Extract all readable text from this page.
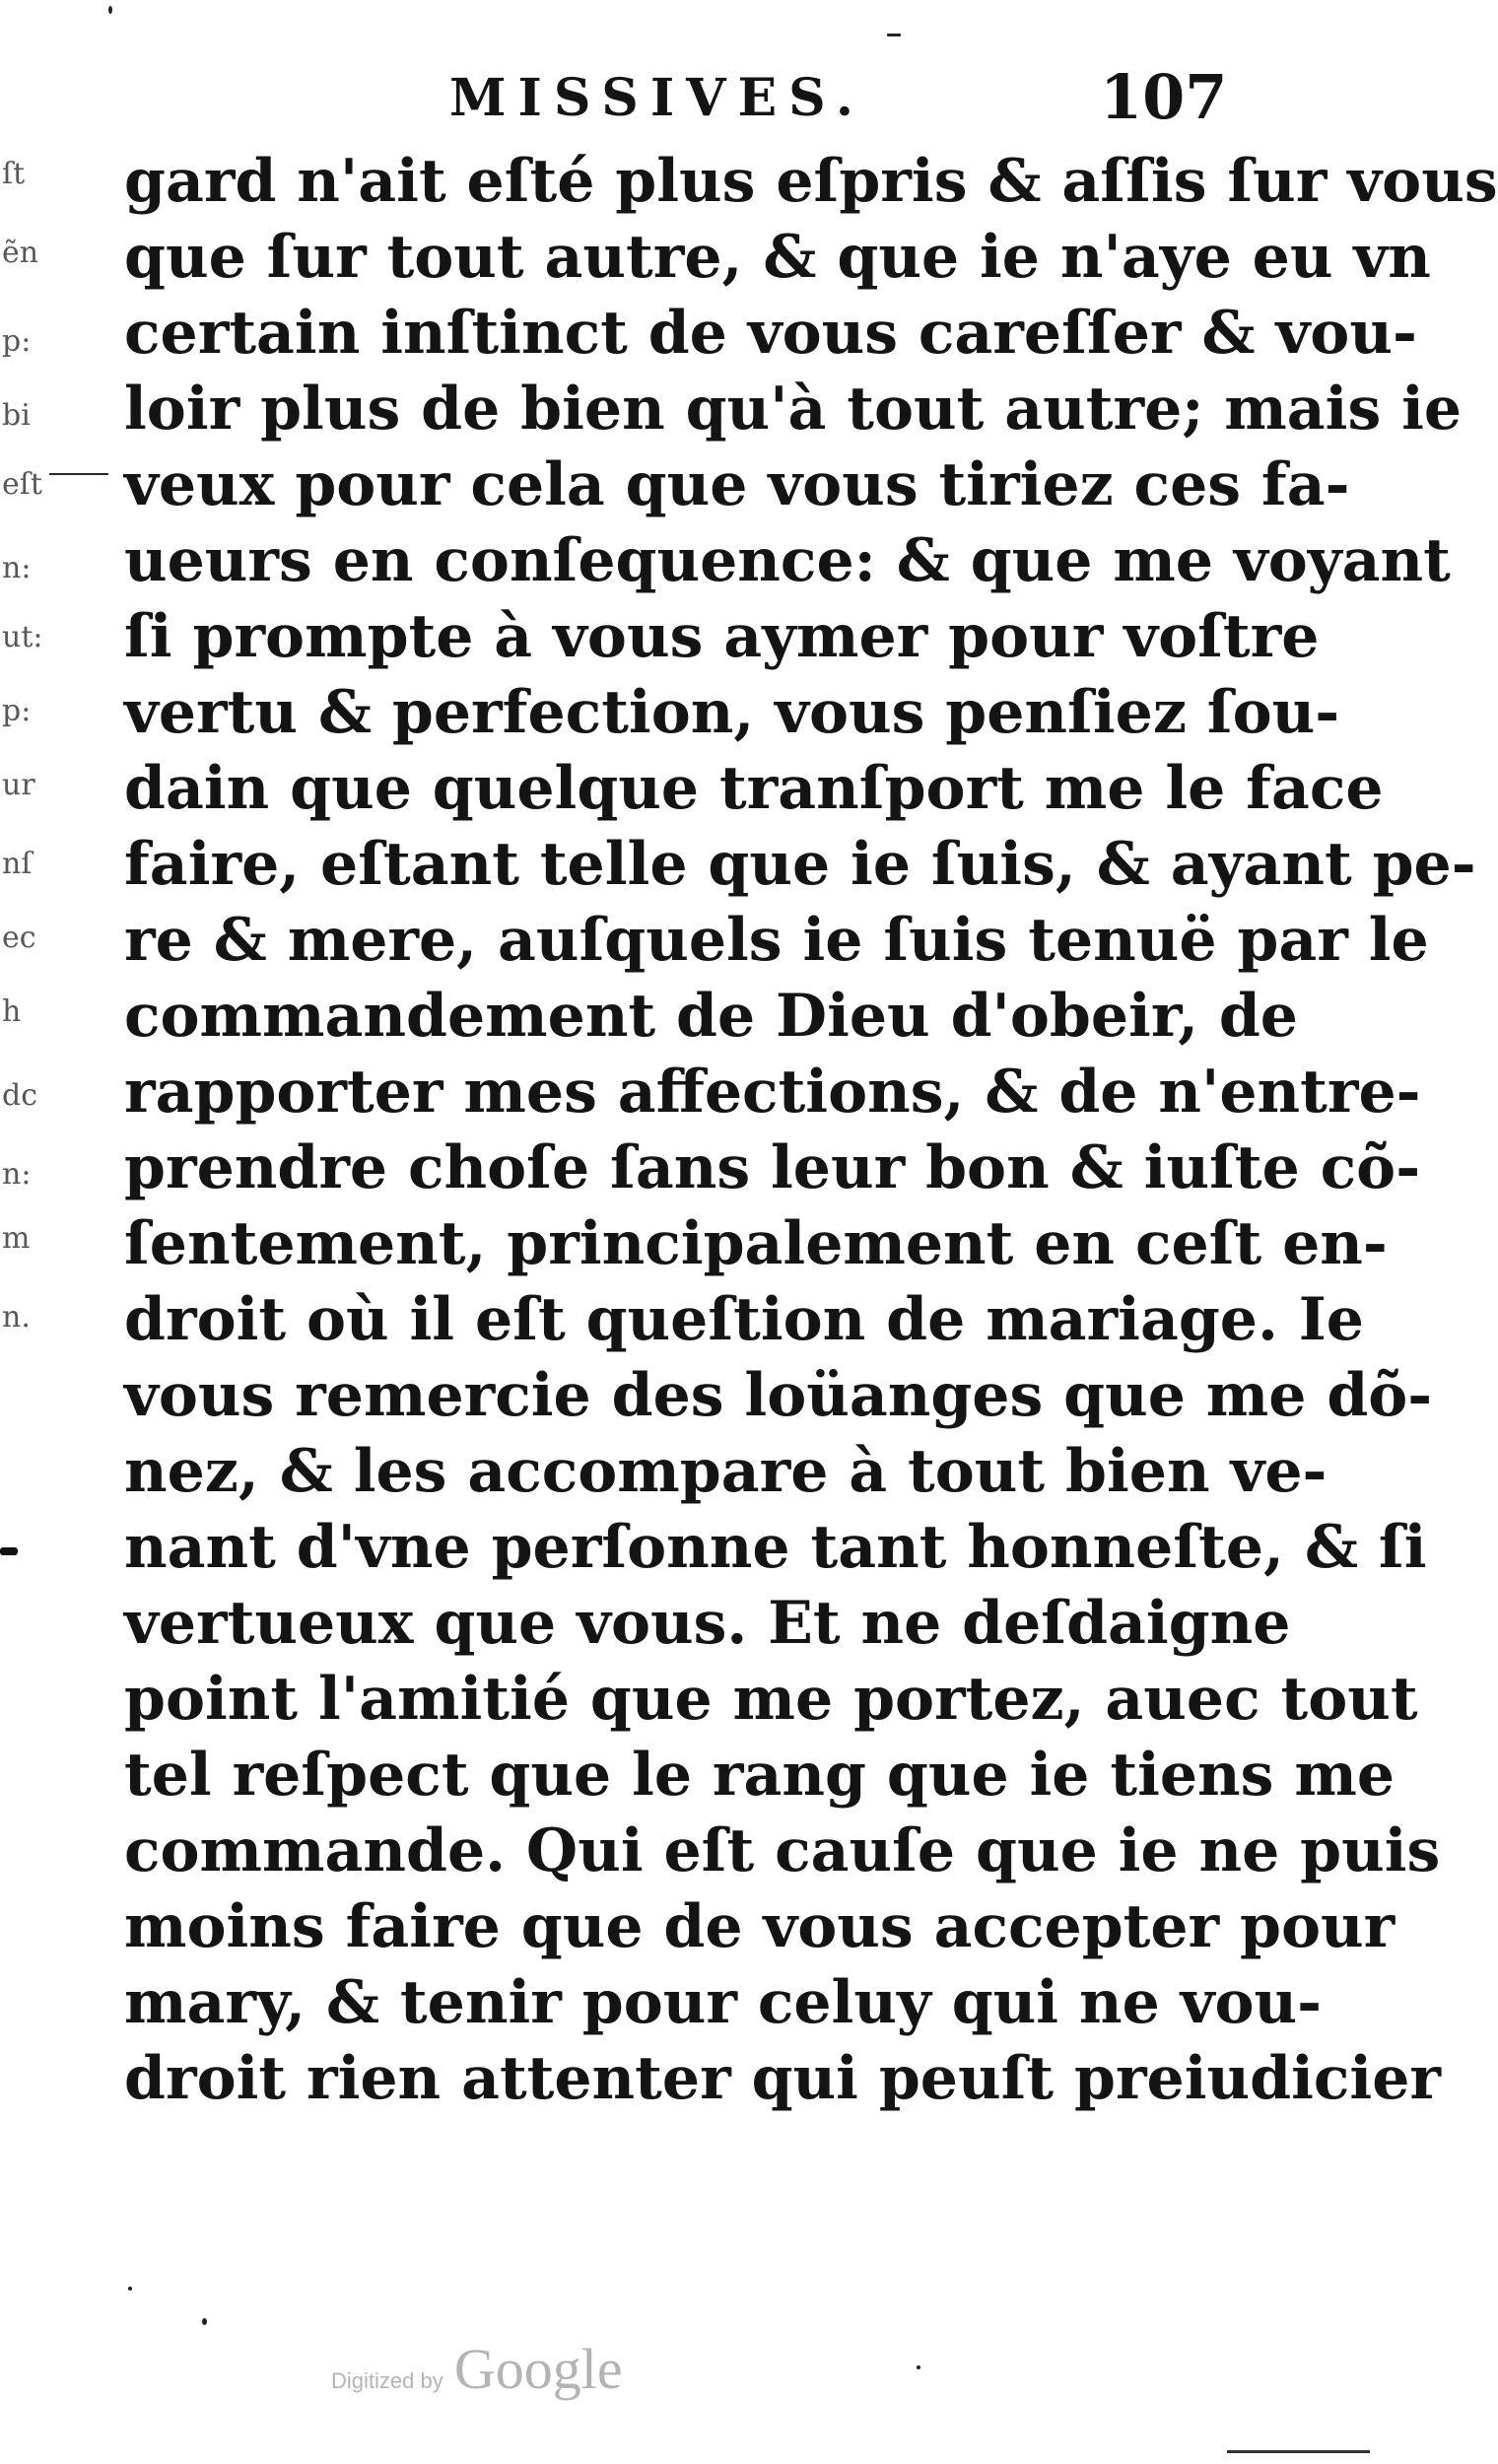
ſt
ẽn
p:
bi
eſt
n:
ut:
p:
ur
nſ
ec
h
dc
n:
m
n.
MISSIVES.	107
gard n'ait eſté plus eſpris & aſſis ſur vous
que ſur tout autre, & que ie n'aye eu vn
certain inſtinct de vous careſſer & vou-
loir plus de bien qu'à tout autre; mais ie
veux pour cela que vous tiriez ces fa-
ueurs en conſequence: & que me voyant
ſi prompte à vous aymer pour voſtre
vertu & perfection, vous penſiez ſou-
dain que quelque tranſport me le face
faire, eſtant telle que ie ſuis, & ayant pe-
re & mere, auſquels ie ſuis tenuë par le
commandement de Dieu d'obeir, de
rapporter mes affections, & de n'entre-
prendre choſe ſans leur bon & iuſte cõ-
ſentement, principalement en ceſt en-
droit où il eſt queſtion de mariage. Ie
vous remercie des loüanges que me dõ-
nez, & les accompare à tout bien ve-
nant d'vne perſonne tant honneſte, & ſi
vertueux que vous. Et ne deſdaigne
point l'amitié que me portez, auec tout
tel reſpect que le rang que ie tiens me
commande. Qui eſt cauſe que ie ne puis
moins faire que de vous accepter pour
mary, & tenir pour celuy qui ne vou-
droit rien attenter qui peuſt preiudicier
Digitized by Google
